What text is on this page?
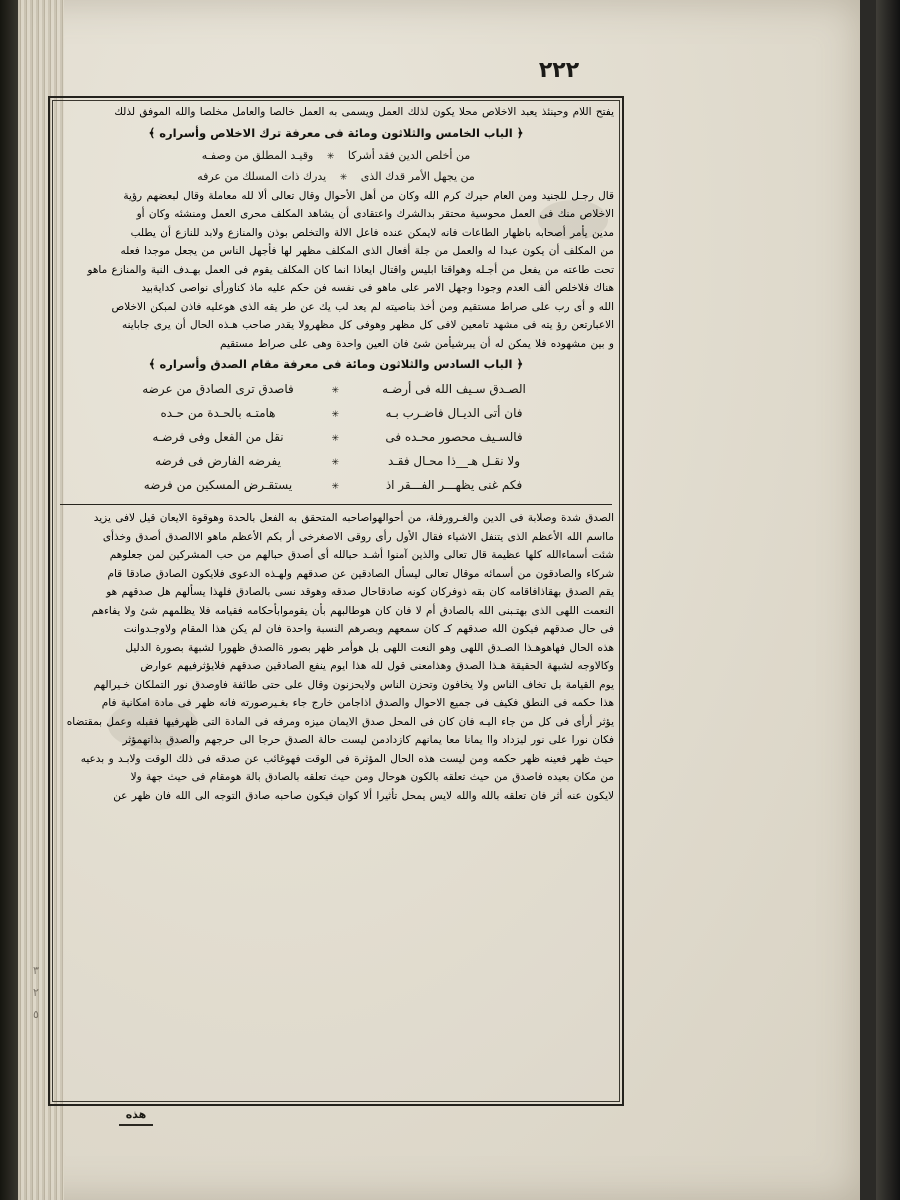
٣
٢
٥
٢٢٢

يفتح اللام وحينئذ يعبد الاخلاص محلا يكون لذلك العمل ويسمى به العمل خالصا والعامل مخلصا والله الموفق لذلك

﴿ الباب الخامس والثلاثون ومائة فى معرفة ترك الاخلاص وأسراره ﴾

من أخلص الدين فقد أشركا ✳ وقيـد المطلق من وصفـه

من يجهل الأمر قدك الذى ✳ يدرك ذات المسلك من عرفه

قال رجـل للجنيد ومن العام حيرك كرم الله وكان من أهل الأحوال وقال تعالى ألا لله معاملة وقال لبعضهم رؤية

الاخلاص منك فى العمل محوسية محتقر بدالشرك واعتقادى أن يشاهد المكلف محرى العمل ومنشئه وكان أو

مدين يأمر أصحابه باظهار الطاعات فانه لايمكن عنده فاعل الالة والتخلص بوذن والمنازع ولابد للنازع أن يطلب

من المكلف أن يكون عبدا له والعمل من جلة أفعال الذى المكلف مظهر لها فأجهل الناس من يجعل موجدا فعله

تحت طاعته من يفعل من أجـله وهواقتا ابليس واقتال ايعاذا انما كان المكلف يقوم فى العمل بهـدف النية والمنازع ماهو

هناك فلاخلص ألف العدم وجودا وجهل الامر على ماهو فى نفسه فن حكم عليه ماذ كناورأى نواصى كدايةبيد

الله و أى رب على صراط مستقيم ومن أخذ بناصيته لم يعد لب يك عن طر يقه الذى هوعليه فاذن لمبكن الاخلاص

الاعبارتعن رؤ يته فى مشهد تامعين لافى كل مظهر وهوفى كل مظهرولا يقدر صاحب هـذه الحال أن يرى جاباينه

و بين مشهوده فلا يمكن له أن يبرشيأمن شئ فان العين واحدة وهى على صراط مستقيم

﴿ الباب السادس والثلاثون ومائة فى معرفة مقام الصدق وأسراره ﴾

الصـدق سـيف الله فى أرضـه
✳
فاصدق ترى الصادق من عرضه
فان أتى الديـال فاضـرب بـه
✳
هامتـه بالحـدة من حـده
فالسـيف محصور محـده فى
✳
نقل من الفعل وفى فرضـه
ولا نقـل هـ__ذا محـال فقـد
✳
يفرضه الفارض فى فرضه
فكم غنى يظهـــر الفـــقر اذ
✳
يستقـرض المسكين من فرضه

الصدق شدة وصلابة فى الدين والغـرورفلة، من أحوالهواصاحبه المتحقق به الفعل بالحدة وهوقوة الايعان قيل لافى يزيد

مااسم الله الأعظم الذى يتنفل الاشياء فقال الأول رأى روقى الاصغرخى أر بكم الأعظم ماهو الاالصدق أصدق وخذأى

شئت أسماءالله كلها عظيمة قال تعالى والذين آمنوا أشـد حبالله أى أصدق حبالهم من حب المشركين لمن جعلوهم

شركاء والصادقون من أسمائه موقال تعالى ليسأل الصادقين عن صدقهم ولهـذه الدعوى فلايكون الصادق صادقا قام

يقم الصدق بهقاذافاقامه كان بقه ذوفركان كونه صادقاحال صدقه وهوقد نسى بالصادق فلهذا يسألهم هل صدقهم هو

النعمت اللهى الذى بهتـبنى الله بالصادق أم لا فان كان هوطالبهم بأن يقوموابأحكامه فقيامه فلا يظلمهم شئ ولا يفاءهم

فى حال صدقهم فيكون الله صدقهم كـ كان سمعهم وبصرهم النسبة واحدة فان لم يكن هذا المقام ولاوجـدوانت

هذه الحال فهاهوهـذا الصـدق اللهى وهو النعت اللهى بل هوأمر ظهر بصور ةالصدق ظهورا لشبهة بصورة الدليل

وكالاوجه لشبهة الحقيقة هـذا الصدق وهذامعنى قول لله هذا ايوم ينفع الصادقين صدقهم فلايؤثرفيهم عوارض

يوم القيامة بل تخاف الناس ولا يخافون وتحزن الناس ولايحزنون وقال على حتى طائفة فاوصدق نور التملكان خـيرالهم

هذا حكمه فى النطق فكيف فى جميع الاحوال والصدق اذاجامن خارج جاء بغـيرصورته فانه ظهر فى مادة امكانية فام

يؤثر أرأى فى كل من جاء اليـه فان كان فى المحل صدق الايمان ميزه ومرفه فى المادة التى ظهرفيها فقبله وعمل بمقتضاه

فكان نورا على نور ليزداد واا يمانا معا يمانهم كازدادمن ليست حالة الصدق حرجا الى حرجهم والصدق بذاتهمؤثر

حيث ظهر فعينه ظهر حكمه ومن ليست هذه الحال المؤثرة فى الوقت فهوغائب عن صدقه فى ذلك الوقت ولابـد و بدعيه

من مكان بعيده فاصدق من حيث تعلقه بالكون هوحال ومن حيث تعلقه بالصادق بالة هومقام فى حيث جهة ولا

لايكون عنه أثر فان تعلقه بالله والله لايس يمحل تأثيرا ألا كوان فيكون صاحبه صادق التوجه الى الله فان ظهر عن

هذه
